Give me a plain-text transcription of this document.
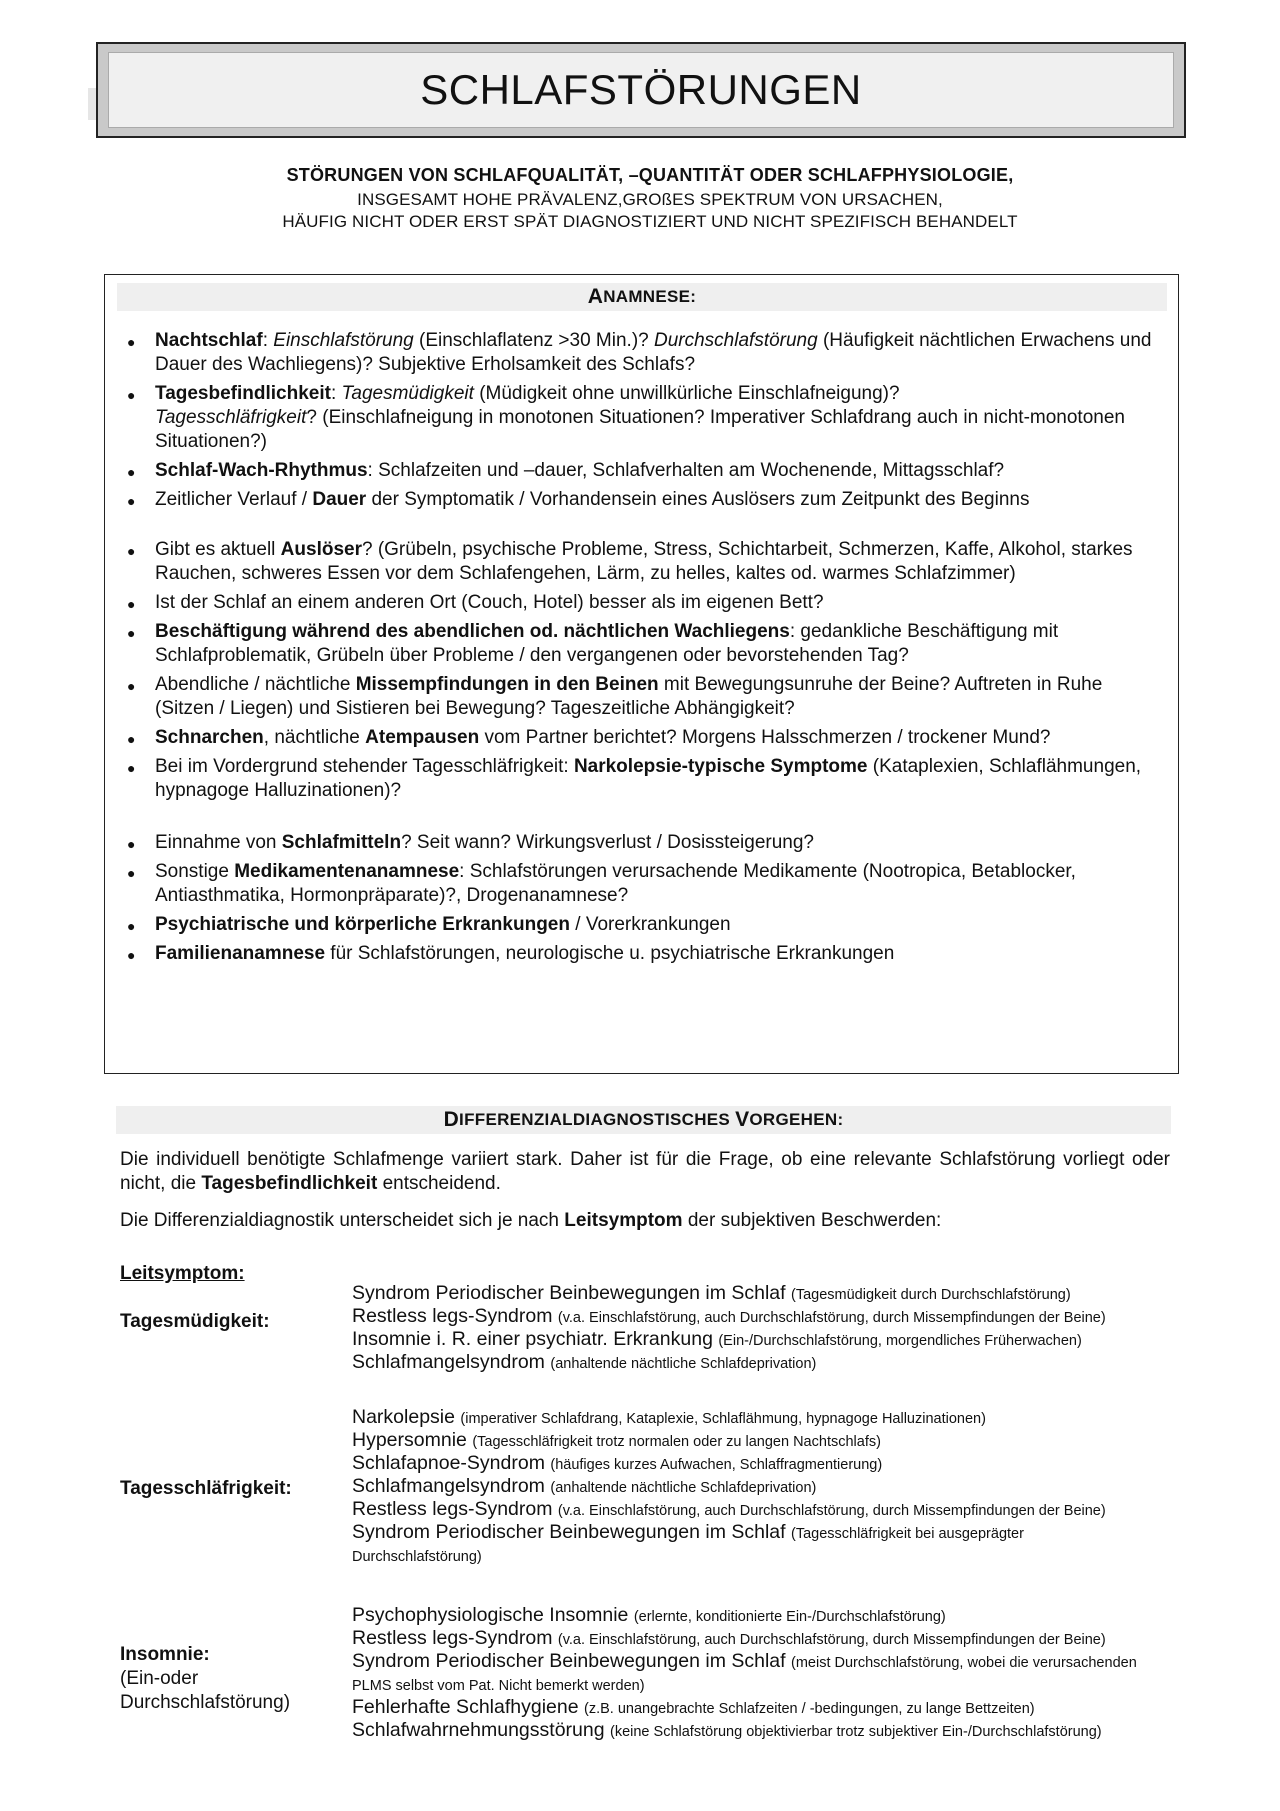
SCHLAFSTÖRUNGEN
STÖRUNGEN VON SCHLAFQUALITÄT, –QUANTITÄT ODER SCHLAFPHYSIOLOGIE,
INSGESAMT HOHE PRÄVALENZ,GROßES SPEKTRUM VON URSACHEN,
HÄUFIG NICHT ODER ERST SPÄT DIAGNOSTIZIERT UND NICHT SPEZIFISCH BEHANDELT
A NAMNESE:
● Nachtschlaf: Einschlafstörung (Einschlaflatenz >30 Min.)? Durchschlafstörung (Häufigkeit nächtlichen Erwachens und Dauer des Wachliegens)? Subjektive Erholsamkeit des Schlafs?
● Tagesbefindlichkeit: Tagesmüdigkeit (Müdigkeit ohne unwillkürliche Einschlafneigung)?
Tagesschläfrigkeit? (Einschlafneigung in monotonen Situationen? Imperativer Schlafdrang auch in nicht-monotonen Situationen?)
● Schlaf-Wach-Rhythmus: Schlafzeiten und –dauer, Schlafverhalten am Wochenende, Mittagsschlaf?
● Zeitlicher Verlauf / Dauer der Symptomatik / Vorhandensein eines Auslösers zum Zeitpunkt des Beginns
● Gibt es aktuell Auslöser? (Grübeln, psychische Probleme, Stress, Schichtarbeit, Schmerzen, Kaffe, Alkohol, starkes Rauchen, schweres Essen vor dem Schlafengehen, Lärm, zu helles, kaltes od. warmes Schlafzimmer)
● Ist der Schlaf an einem anderen Ort (Couch, Hotel) besser als im eigenen Bett?
● Beschäftigung während des abendlichen od. nächtlichen Wachliegens: gedankliche Beschäftigung mit Schlafproblematik, Grübeln über Probleme / den vergangenen oder bevorstehenden Tag?
● Abendliche / nächtliche Missempfindungen in den Beinen mit Bewegungsunruhe der Beine? Auftreten in Ruhe (Sitzen / Liegen) und Sistieren bei Bewegung? Tageszeitliche Abhängigkeit?
● Schnarchen, nächtliche Atempausen vom Partner berichtet? Morgens Halsschmerzen / trockener Mund?
● Bei im Vordergrund stehender Tagesschläfrigkeit: Narkolepsie-typische Symptome (Kataplexien, Schlaflähmungen, hypnagoge Halluzinationen)?
● Einnahme von Schlafmitteln? Seit wann? Wirkungsverlust / Dosissteigerung?
● Sonstige Medikamentenanamnese: Schlafstörungen verursachende Medikamente (Nootropica, Betablocker, Antiasthmatika, Hormonpräparate)?, Drogenanamnese?
● Psychiatrische und körperliche Erkrankungen / Vorerkrankungen
● Familienanamnese für Schlafstörungen, neurologische u. psychiatrische Erkrankungen
D IFFERENZIALDIAGNOSTISCHES V ORGEHEN:
Die individuell benötigte Schlafmenge variiert stark. Daher ist für die Frage, ob eine relevante Schlafstörung vorliegt oder nicht, die Tagesbefindlichkeit entscheidend.
Die Differenzialdiagnostik unterscheidet sich je nach Leitsymptom der subjektiven Beschwerden:
Leitsymptom:
Tagesmüdigkeit:
Syndrom Periodischer Beinbewegungen im Schlaf (Tagesmüdigkeit durch Durchschlafstörung)
Restless legs-Syndrom (v.a. Einschlafstörung, auch Durchschlafstörung, durch Missempfindungen der Beine)
Insomnie i. R. einer psychiatr. Erkrankung (Ein-/Durchschlafstörung, morgendliches Früherwachen)
Schlafmangelsyndrom (anhaltende nächtliche Schlafdeprivation)
Tagesschläfrigkeit:
Narkolepsie (imperativer Schlafdrang, Kataplexie, Schlaflähmung, hypnagoge Halluzinationen)
Hypersomnie (Tagesschläfrigkeit trotz normalen oder zu langen Nachtschlafs)
Schlafapnoe-Syndrom (häufiges kurzes Aufwachen, Schlaffragmentierung)
Schlafmangelsyndrom (anhaltende nächtliche Schlafdeprivation)
Restless legs-Syndrom (v.a. Einschlafstörung, auch Durchschlafstörung, durch Missempfindungen der Beine)
Syndrom Periodischer Beinbewegungen im Schlaf (Tagesschläfrigkeit bei ausgeprägter Durchschlafstörung)
Insomnie:
(Ein-oder
Durchschlafstörung)
Psychophysiologische Insomnie (erlernte, konditionierte Ein-/Durchschlafstörung)
Restless legs-Syndrom (v.a. Einschlafstörung, auch Durchschlafstörung, durch Missempfindungen der Beine)
Syndrom Periodischer Beinbewegungen im Schlaf (meist Durchschlafstörung, wobei die verursachenden PLMS selbst vom Pat. Nicht bemerkt werden)
Fehlerhafte Schlafhygiene (z.B. unangebrachte Schlafzeiten / -bedingungen, zu lange Bettzeiten)
Schlafwahrnehmungsstörung (keine Schlafstörung objektivierbar trotz subjektiver Ein-/Durchschlafstörung)
